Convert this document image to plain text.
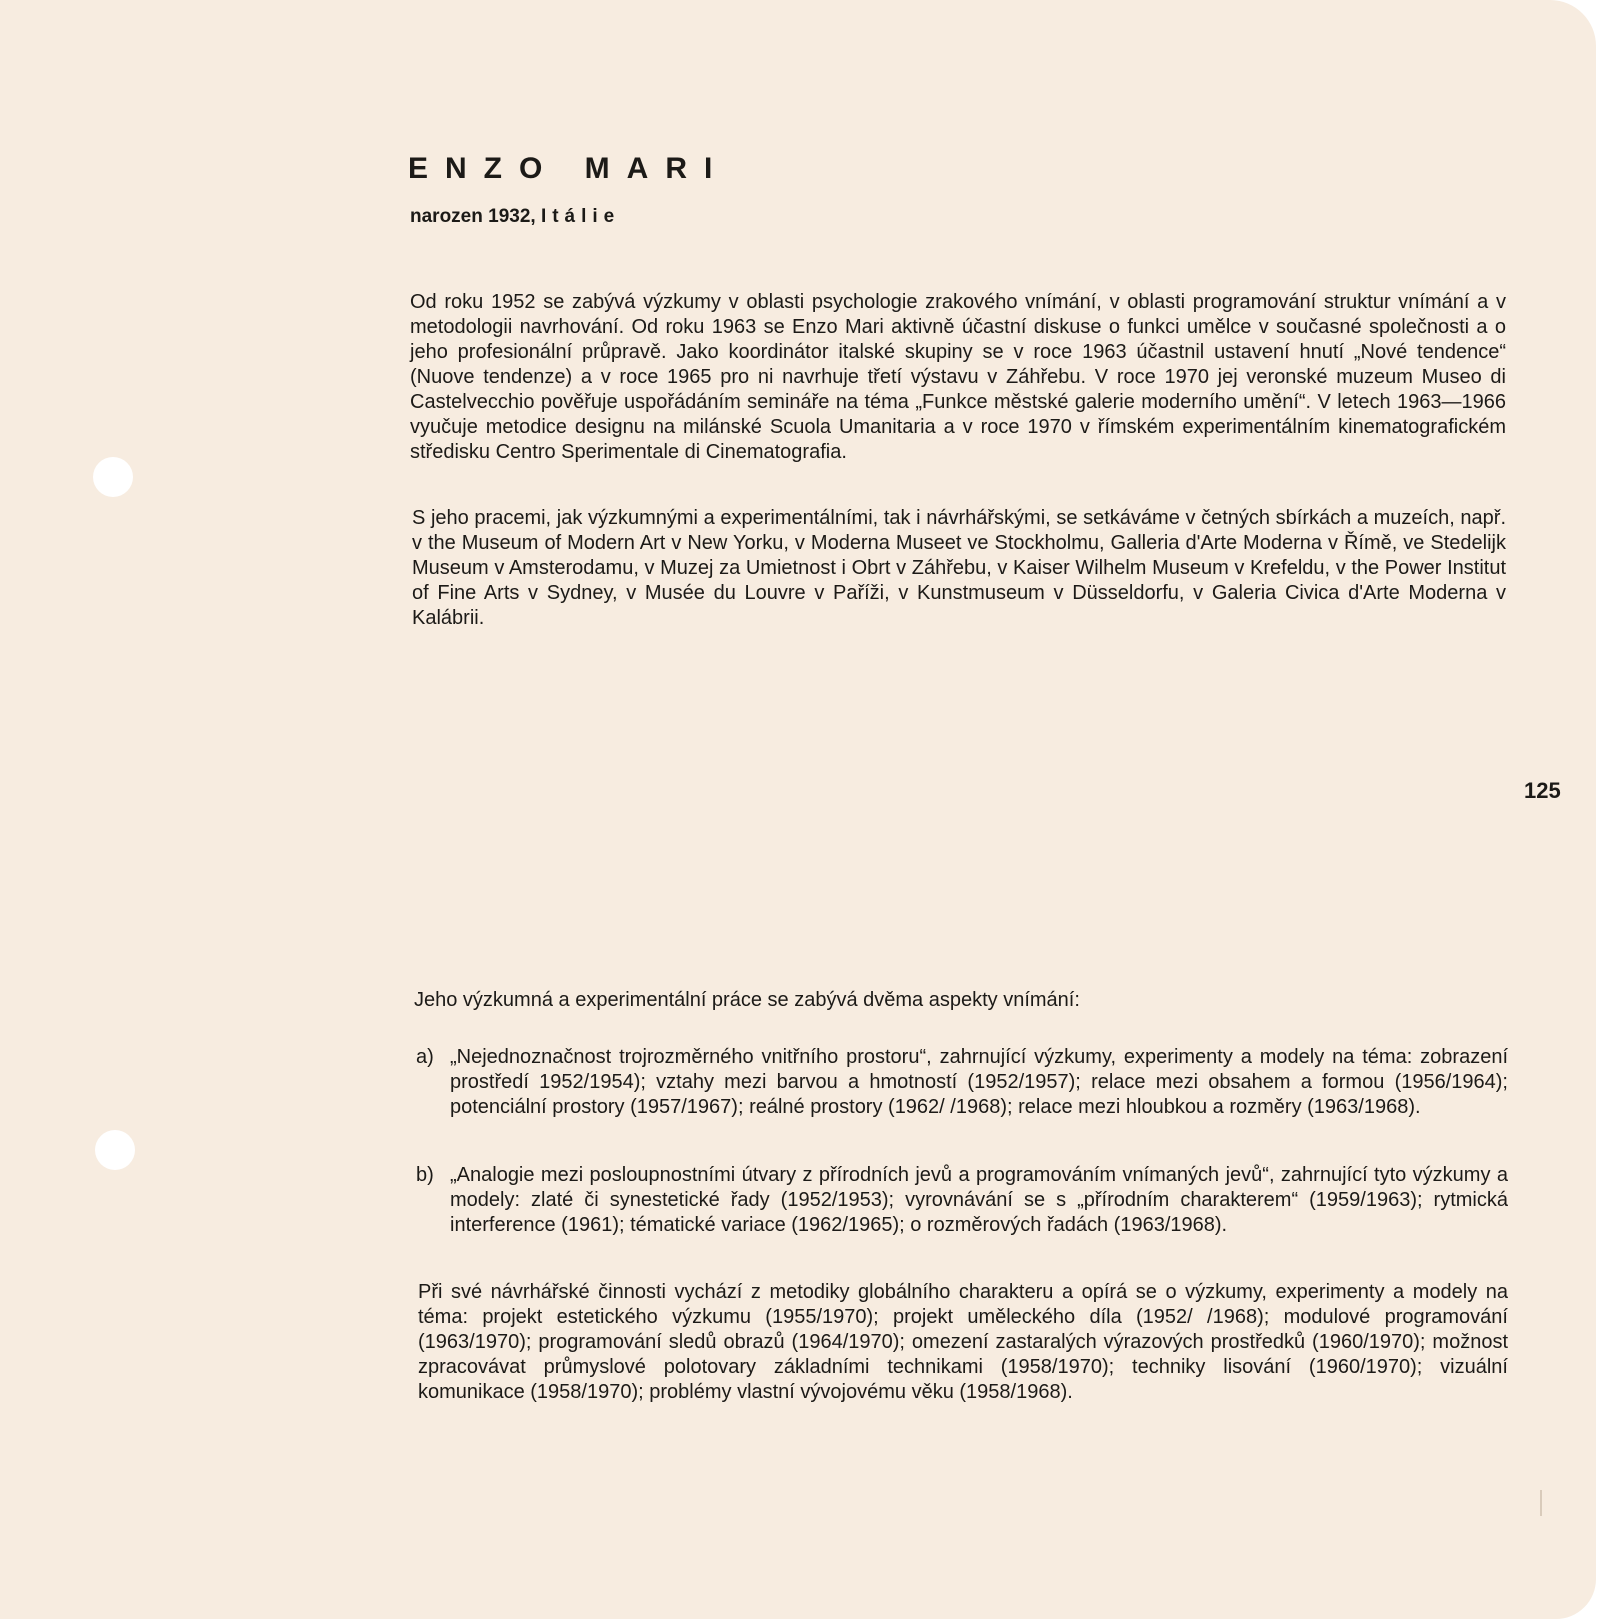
ENZO MARI
narozen 1932, Itálie
125

Od roku 1952 se zabývá výzkumy v oblasti psychologie zrakového vnímání, v oblasti programování struktur vnímání a v metodologii navrhování. Od roku 1963 se Enzo Mari aktivně účastní diskuse o funkci umělce v současné společnosti a o jeho profesionální průpravě. Jako koordinátor italské skupiny se v roce 1963 účastnil ustavení hnutí „Nové tendence“ (Nuove tendenze) a v roce 1965 pro ni navrhuje třetí výstavu v Záhřebu. V roce 1970 jej veronské muzeum Museo di Castelvecchio pověřuje uspořádáním semináře na téma „Funkce městské galerie moderního umění“. V letech 1963—1966 vyučuje metodice designu na milánské Scuola Umanitaria a v roce 1970 v římském experimentálním kinematografickém středisku Centro Sperimentale di Cinematografia.

S jeho pracemi, jak výzkumnými a experimentálními, tak i návrhářskými, se setkáváme v četných sbírkách a muzeích, např. v the Museum of Modern Art v New Yorku, v Moderna Museet ve Stockholmu, Galleria d'Arte Moderna v Římě, ve Stedelijk Museum v Amsterodamu, v Muzej za Umietnost i Obrt v Záhřebu, v Kaiser Wilhelm Museum v Krefeldu, v the Power Institut of Fine Arts v Sydney, v Musée du Louvre v Paříži, v Kunstmuseum v Düsseldorfu, v Galeria Civica d'Arte Moderna v Kalábrii.

Jeho výzkumná a experimentální práce se zabývá dvěma aspekty vnímání:

a) „Nejednoznačnost trojrozměrného vnitřního prostoru“, zahrnující výzkumy, experimenty a modely na téma: zobrazení prostředí 1952/1954); vztahy mezi barvou a hmotností (1952/1957); relace mezi obsahem a formou (1956/1964); potenciální prostory (1957/1967); reálné prostory (1962/ /1968); relace mezi hloubkou a rozměry (1963/1968).

b) „Analogie mezi posloupnostními útvary z přírodních jevů a programováním vnímaných jevů“, zahrnující tyto výzkumy a modely: zlaté či synestetické řady (1952/1953); vyrovnávání se s „přírodním charakterem“ (1959/1963); rytmická interference (1961); tématické variace (1962/1965); o rozměrových řadách (1963/1968).

Při své návrhářské činnosti vychází z metodiky globálního charakteru a opírá se o výzkumy, experimenty a modely na téma: projekt estetického výzkumu (1955/1970); projekt uměleckého díla (1952/ /1968); modulové programování (1963/1970); programování sledů obrazů (1964/1970); omezení zastaralých výrazových prostředků (1960/1970); možnost zpracovávat průmyslové polotovary základními technikami (1958/1970); techniky lisování (1960/1970); vizuální komunikace (1958/1970); problémy vlastní vývojovému věku (1958/1968).
